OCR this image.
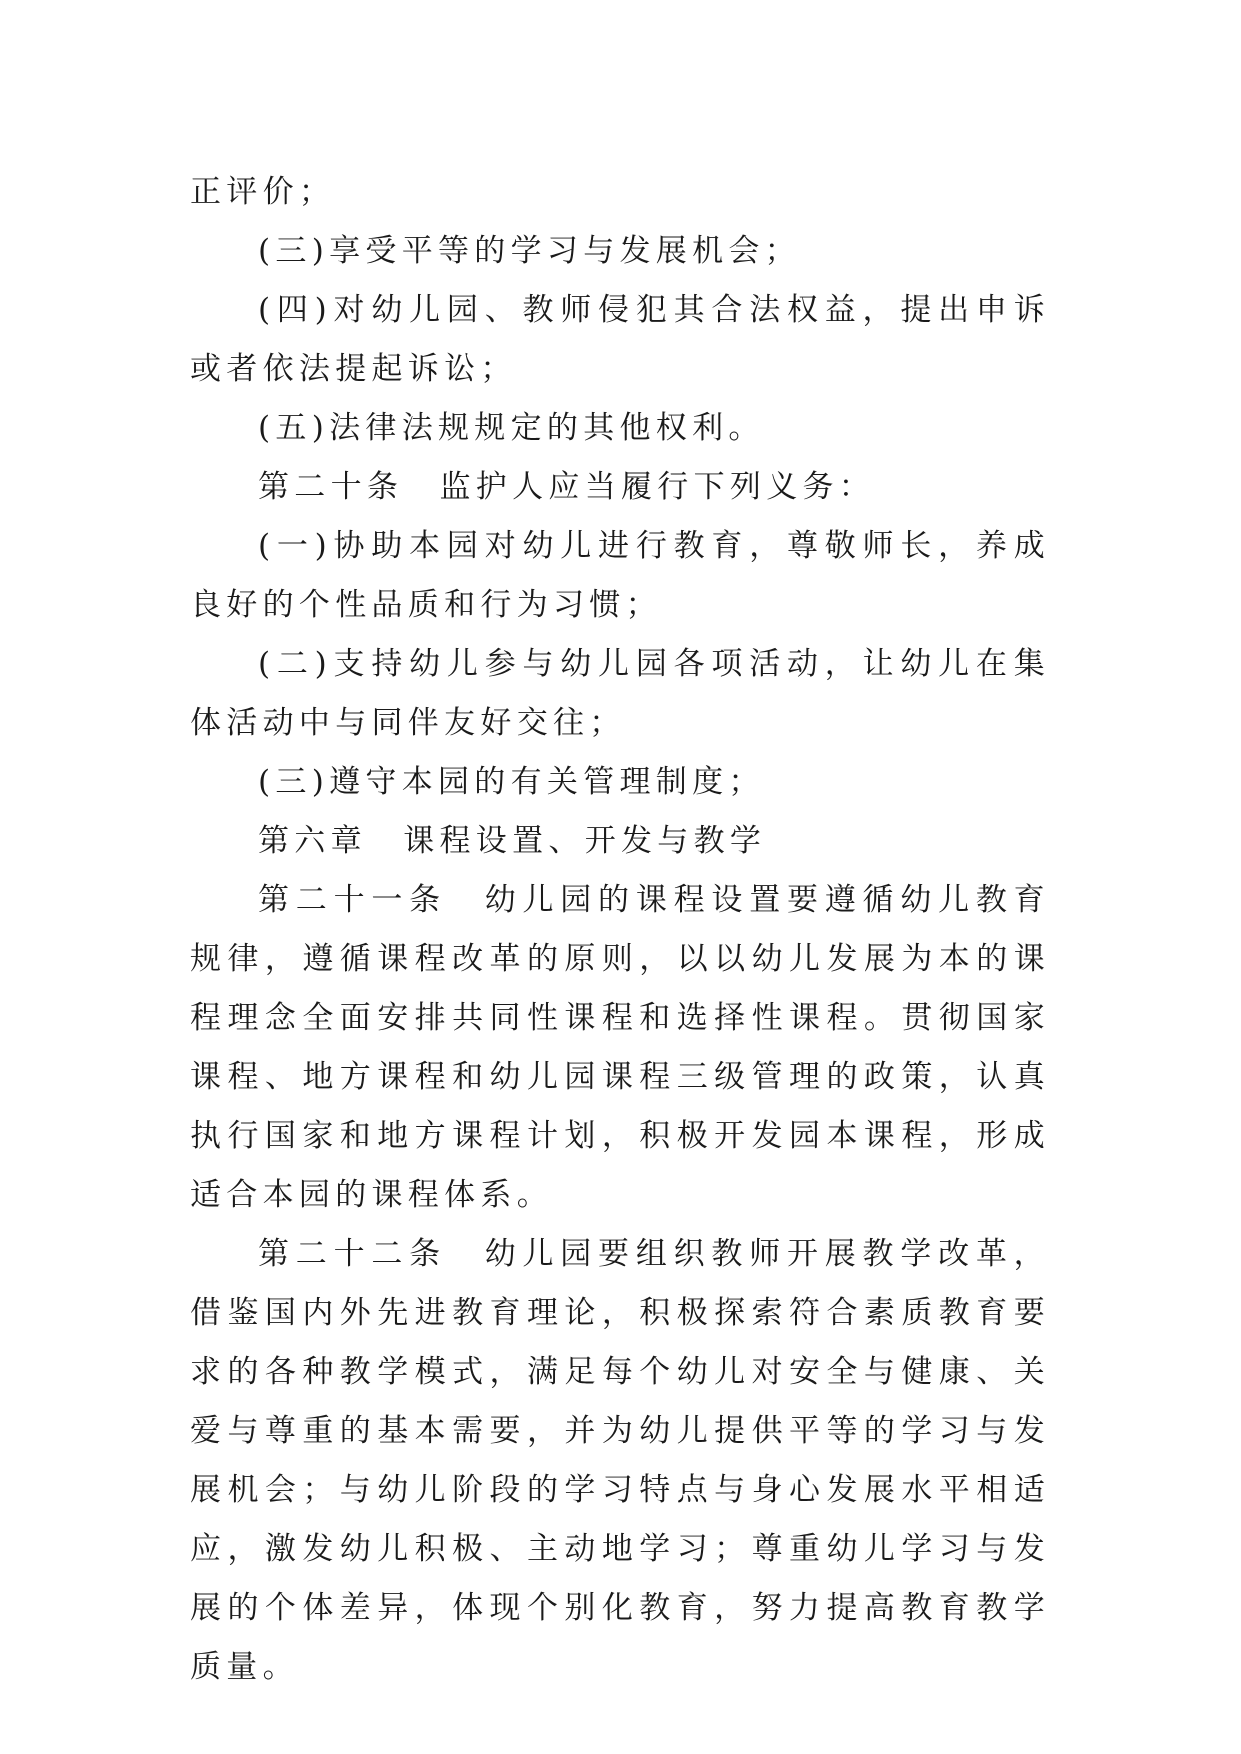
正评价；

(三)享受平等的学习与发展机会；

(四)对幼儿园、教师侵犯其合法权益，提出申诉或者依法提起诉讼；

(五)法律法规规定的其他权利。

第二十条　监护人应当履行下列义务：

(一)协助本园对幼儿进行教育，尊敬师长，养成良好的个性品质和行为习惯；

(二)支持幼儿参与幼儿园各项活动，让幼儿在集体活动中与同伴友好交往；

(三)遵守本园的有关管理制度；

第六章　课程设置、开发与教学

第二十一条　幼儿园的课程设置要遵循幼儿教育规律，遵循课程改革的原则，以以幼儿发展为本的课程理念全面安排共同性课程和选择性课程。贯彻国家课程、地方课程和幼儿园课程三级管理的政策，认真执行国家和地方课程计划，积极开发园本课程，形成适合本园的课程体系。

第二十二条　幼儿园要组织教师开展教学改革，借鉴国内外先进教育理论，积极探索符合素质教育要求的各种教学模式，满足每个幼儿对安全与健康、关爱与尊重的基本需要，并为幼儿提供平等的学习与发展机会；与幼儿阶段的学习特点与身心发展水平相适应，激发幼儿积极、主动地学习；尊重幼儿学习与发展的个体差异，体现个别化教育，努力提高教育教学质量。
